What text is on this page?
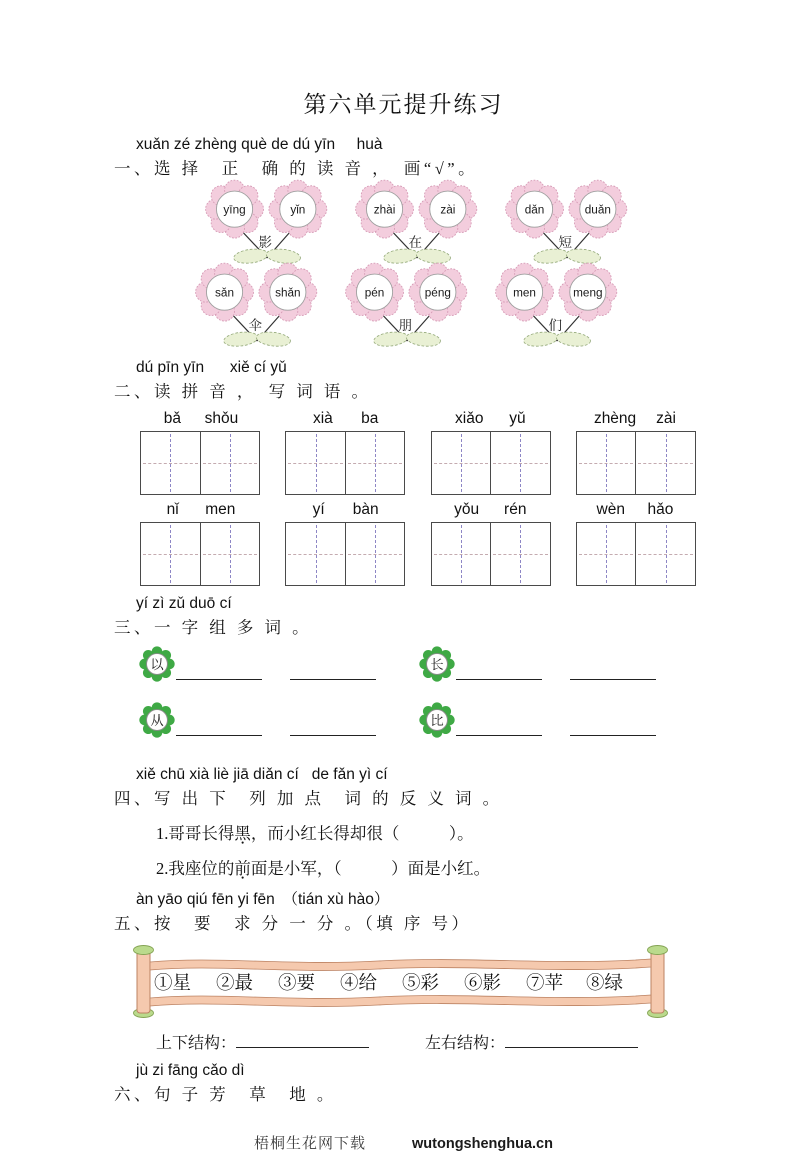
第六单元提升练习
xuǎn zé zhèng què de dú yīn     huà
一、选 择　正　确 的 读 音 ，　画“√”。
yīng	yǐn
影
zhài	zài
在
dǎn	duǎn
短
sǎn	shǎn
伞
pén	péng
朋
men	meng
们
dú pīn yīn      xiě cí yǔ
二、读 拼 音 ，　写 词 语 。
bǎ shǒu	xià ba	xiǎo yǔ	zhèng zài
nǐ men	yí bàn	yǒu rén	wèn hǎo
yí zì zǔ duō cí
三、一 字 组 多 词 。
以	长
从	比
xiě chū xià liè jiā diǎn cí   de fǎn yì cí
四、写 出 下　列 加 点　词 的 反 义 词 。
1.哥哥长得黑 ●，而小红长得却很（　　　）。
2.我座位的前 ●面是小军，（　　　）面是小红。
àn yāo qiú fēn yi fēn　（tián xù hào）
五、按　要　求 分 一 分 。（填 序 号）
①星 ②最 ③要 ④给 ⑤彩 ⑥影 ⑦苹 ⑧绿
上下结构：	左右结构：
jù zi fāng cǎo dì
六、句 子 芳　草　地 。
梧桐生花网下载	wutongshenghua.cn
